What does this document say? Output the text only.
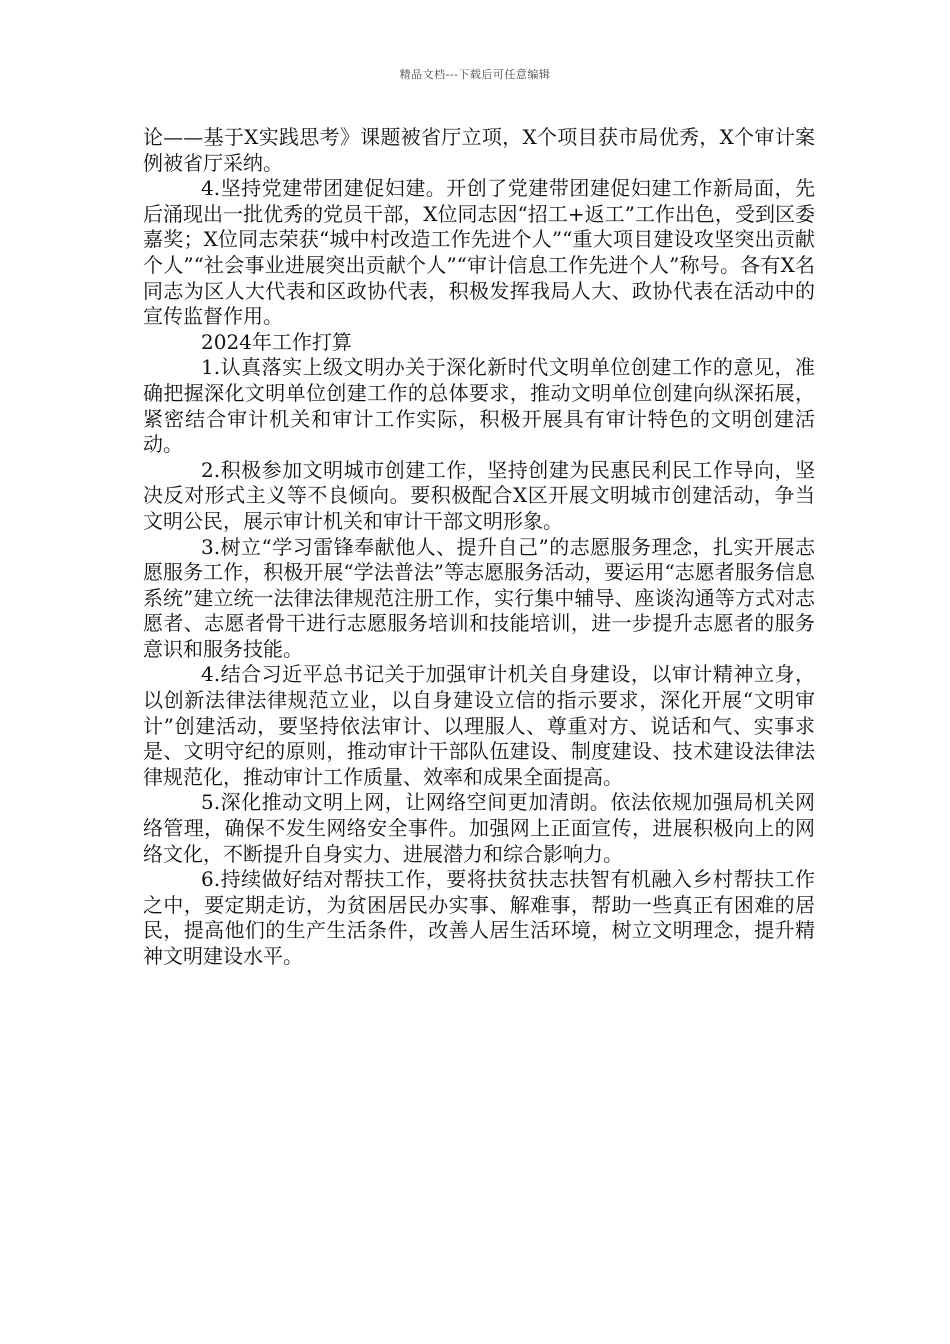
精品文档---下载后可任意编辑

论——基于X实践思考》课题被省厅立项，X个项目获市局优秀，X个审计案例被省厅采纳。

4.坚持党建带团建促妇建。开创了党建带团建促妇建工作新局面，先后涌现出一批优秀的党员干部，X位同志因“招工+返工”工作出色，受到区委嘉奖；X位同志荣获“城中村改造工作先进个人”“重大项目建设攻坚突出贡献个人”“社会事业进展突出贡献个人”“审计信息工作先进个人”称号。各有X名同志为区人大代表和区政协代表，积极发挥我局人大、政协代表在活动中的宣传监督作用。

2024年工作打算

1.认真落实上级文明办关于深化新时代文明单位创建工作的意见，准确把握深化文明单位创建工作的总体要求，推动文明单位创建向纵深拓展，紧密结合审计机关和审计工作实际，积极开展具有审计特色的文明创建活动。

2.积极参加文明城市创建工作，坚持创建为民惠民利民工作导向，坚决反对形式主义等不良倾向。要积极配合X区开展文明城市创建活动，争当文明公民，展示审计机关和审计干部文明形象。

3.树立“学习雷锋奉献他人、提升自己”的志愿服务理念，扎实开展志愿服务工作，积极开展“学法普法”等志愿服务活动，要运用“志愿者服务信息系统”建立统一法律法律规范注册工作，实行集中辅导、座谈沟通等方式对志愿者、志愿者骨干进行志愿服务培训和技能培训，进一步提升志愿者的服务意识和服务技能。

4.结合习近平总书记关于加强审计机关自身建设，以审计精神立身，以创新法律法律规范立业，以自身建设立信的指示要求，深化开展“文明审计”创建活动，要坚持依法审计、以理服人、尊重对方、说话和气、实事求是、文明守纪的原则，推动审计干部队伍建设、制度建设、技术建设法律法律规范化，推动审计工作质量、效率和成果全面提高。

5.深化推动文明上网，让网络空间更加清朗。依法依规加强局机关网络管理，确保不发生网络安全事件。加强网上正面宣传，进展积极向上的网络文化，不断提升自身实力、进展潜力和综合影响力。

6.持续做好结对帮扶工作，要将扶贫扶志扶智有机融入乡村帮扶工作之中，要定期走访，为贫困居民办实事、解难事，帮助一些真正有困难的居民，提高他们的生产生活条件，改善人居生活环境，树立文明理念，提升精神文明建设水平。
